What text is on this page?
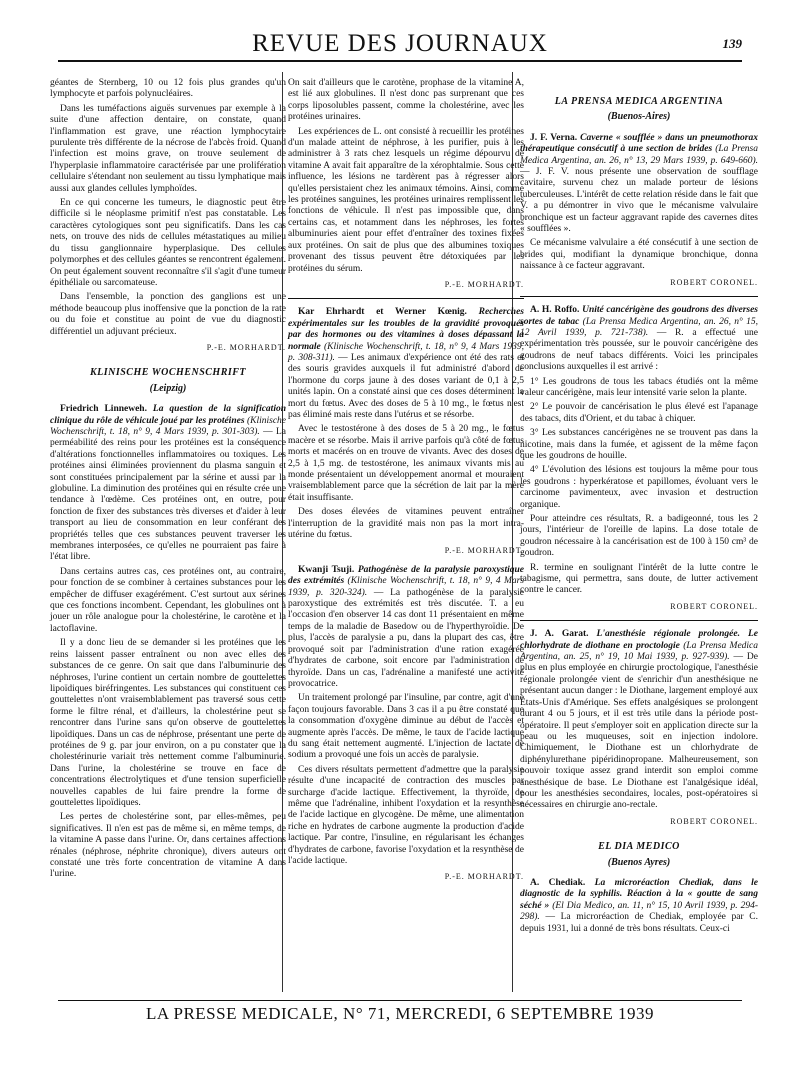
REVUE DES JOURNAUX	139

géantes de Sternberg, 10 ou 12 fois plus grandes qu'un lymphocyte et parfois polynucléaires.

Dans les tuméfactions aiguës survenues par exemple à la suite d'une affection dentaire, on constate, quand l'inflammation est grave, une réaction lymphocytaire purulente très différente de la nécrose de l'abcès froid. Quand l'infection est moins grave, on trouve seulement de l'hyperplasie inflammatoire caractérisée par une prolifération cellulaire s'étendant non seulement au tissu lymphatique mais aussi aux glandes cellules lymphoïdes.

En ce qui concerne les tumeurs, le diagnostic peut être difficile si le néoplasme primitif n'est pas constatable. Les caractères cytologiques sont peu significatifs. Dans les cas nets, on trouve des nids de cellules métastatiques au milieu du tissu ganglionnaire hyperplasique. Des cellules polymorphes et des cellules géantes se rencontrent également. On peut également souvent reconnaître s'il s'agit d'une tumeur épithéliale ou sarcomateuse.

Dans l'ensemble, la ponction des ganglions est une méthode beaucoup plus inoffensive que la ponction de la rate ou du foie et constitue au point de vue du diagnostic différentiel un adjuvant précieux.

P.-E. MORHARDT.
KLINISCHE WOCHENSCHRIFT
(Leipzig)

Friedrich Linneweh. La question de la signification clinique du rôle de véhicule joué par les protéines (Klinische Wochenschrift, t. 18, n° 9, 4 Mars 1939, p. 301-303). — La perméabilité des reins pour les protéines est la conséquence d'altérations fonctionnelles inflammatoires ou toxiques. Les protéines ainsi éliminées proviennent du plasma sanguin et sont constituées principalement par la sérine et aussi par la globuline. La diminution des protéines qui en résulte crée une tendance à l'œdème. Ces protéines ont, en outre, pour fonction de fixer des substances très diverses et d'aider à leur transport au lieu de consommation en leur conférant des propriétés telles que ces substances peuvent traverser les membranes interposées, ce qu'elles ne pourraient pas faire à l'état libre.

Dans certains autres cas, ces protéines ont, au contraire, pour fonction de se combiner à certaines substances pour les empêcher de diffuser exagérément. C'est surtout aux sérines que ces fonctions incombent. Cependant, les globulines ont à jouer un rôle analogue pour la cholestérine, le carotène et la lactoflavine.

Il y a donc lieu de se demander si les protéines que les reins laissent passer entraînent ou non avec elles des substances de ce genre. On sait que dans l'albuminurie des néphroses, l'urine contient un certain nombre de gouttelettes lipoïdiques biréfringentes. Les substances qui constituent ces gouttelettes n'ont vraisemblablement pas traversé sous cette forme le filtre rénal, et d'ailleurs, la cholestérine peut se rencontrer dans l'urine sans qu'on observe de gouttelettes lipoïdiques. Dans un cas de néphrose, présentant une perte de protéines de 9 g. par jour environ, on a pu constater que la cholestérinurie variait très nettement comme l'albuminurie. Dans l'urine, la cholestérine se trouve en face de concentrations électrolytiques et d'une tension superficielle nouvelles capables de lui faire prendre la forme de gouttelettes lipoïdiques.

Les pertes de cholestérine sont, par elles-mêmes, peu significatives. Il n'en est pas de même si, en même temps, de la vitamine A passe dans l'urine. Or, dans certaines affections rénales (néphrose, néphrite chronique), divers auteurs ont constaté une très forte concentration de vitamine A dans l'urine.

On sait d'ailleurs que le carotène, prophase de la vitamine A, est lié aux globulines. Il n'est donc pas surprenant que ces corps liposolubles passent, comme la cholestérine, avec les protéines urinaires.

Les expériences de L. ont consisté à recueillir les protéines d'un malade atteint de néphrose, à les purifier, puis à les administrer à 3 rats chez lesquels un régime dépourvu de vitamine A avait fait apparaître de la xérophtalmie. Sous cette influence, les lésions ne tardèrent pas à régresser alors qu'elles persistaient chez les animaux témoins. Ainsi, comme les protéines sanguines, les protéines urinaires remplissent les fonctions de véhicule. Il n'est pas impossible que, dans certains cas, et notamment dans les néphroses, les fortes albuminuries aient pour effet d'entraîner des toxines fixées aux protéines. On sait de plus que des albumines toxiques provenant des tissus peuvent être détoxiquées par les protéines du sérum.

P.-E. MORHARDT.

Kar Ehrhardt et Werner Kœnig. Recherches expérimentales sur les troubles de la gravidité provoqués par des hormones ou des vitamines à doses dépassant la normale (Klinische Wochenschrift, t. 18, n° 9, 4 Mars 1939, p. 308-311). — Les animaux d'expérience ont été des rats et des souris gravides auxquels il fut administré d'abord de l'hormone du corps jaune à des doses variant de 0,1 à 2,5 unités lapin. On a constaté ainsi que ces doses déterminent la mort du fœtus. Avec des doses de 5 à 10 mg., le fœtus n'est pas éliminé mais reste dans l'utérus et se résorbe.

Avec le testostérone à des doses de 5 à 20 mg., le fœtus macère et se résorbe. Mais il arrive parfois qu'à côté de fœtus morts et macérés on en trouve de vivants. Avec des doses de 2,5 à 1,5 mg. de testostérone, les animaux vivants mis au monde présentaient un développement anormal et mouraient vraisemblablement parce que la sécrétion de lait par la mère était insuffisante.

Des doses élevées de vitamines peuvent entraîner l'interruption de la gravidité mais non pas la mort intra-utérine du fœtus.

P.-E. MORHARDT.

Kwanji Tsuji. Pathogénèse de la paralysie paroxystique des extrémités (Klinische Wochenschrift, t. 18, n° 9, 4 Mars 1939, p. 320-324). — La pathogénèse de la paralysie paroxystique des extrémités est très discutée. T. a eu l'occasion d'en observer 14 cas dont 11 présentaient en même temps de la maladie de Basedow ou de l'hyperthyroïdie. De plus, l'accès de paralysie a pu, dans la plupart des cas, être provoqué soit par l'administration d'une ration exagérée d'hydrates de carbone, soit encore par l'administration de thyroïde. Dans un cas, l'adrénaline a manifesté une activité provocatrice.

Un traitement prolongé par l'insuline, par contre, agit d'une façon toujours favorable. Dans 3 cas il a pu être constaté que la consommation d'oxygène diminue au début de l'accès et augmente après l'accès. De même, le taux de l'acide lactique du sang était nettement augmenté. L'injection de lactate de sodium a provoqué une fois un accès de paralysie.

Ces divers résultats permettent d'admettre que la paralysie résulte d'une incapacité de contraction des muscles par surcharge d'acide lactique. Effectivement, la thyroïde, de même que l'adrénaline, inhibent l'oxydation et la resynthèse de l'acide lactique en glycogène. De même, une alimentation riche en hydrates de carbone augmente la production d'acide lactique. Par contre, l'insuline, en régularisant les échanges d'hydrates de carbone, favorise l'oxydation et la resynthèse de l'acide lactique.

P.-E. MORHARDT.
LA PRENSA MEDICA ARGENTINA
(Buenos-Aires)

J. F. Verna. Caverne « soufflée » dans un pneumothorax thérapeutique consécutif à une section de brides (La Prensa Medica Argentina, an. 26, n° 13, 29 Mars 1939, p. 649-660). — J. F. V. nous présente une observation de soufflage cavitaire, survenu chez un malade porteur de lésions tuberculeuses. L'intérêt de cette relation réside dans le fait que V. a pu démontrer in vivo que le mécanisme valvulaire bronchique est un facteur aggravant rapide des cavernes dites « soufflées ».

Ce mécanisme valvulaire a été consécutif à une section de brides qui, modifiant la dynamique bronchique, donna naissance à ce facteur aggravant.

ROBERT CORONEL.

A. H. Roffo. Unité cancérigène des goudrons des diverses sortes de tabac (La Prensa Medica Argentina, an. 26, n° 15, 12 Avril 1939, p. 721-738). — R. a effectué une expérimentation très poussée, sur le pouvoir cancérigène des goudrons de neuf tabacs différents. Voici les principales conclusions auxquelles il est arrivé :

1° Les goudrons de tous les tabacs étudiés ont la même valeur cancérigène, mais leur intensité varie selon la plante.

2° Le pouvoir de cancérisation le plus élevé est l'apanage des tabacs, dits d'Orient, et du tabac à chiquer.

3° Les substances cancérigènes ne se trouvent pas dans la nicotine, mais dans la fumée, et agissent de la même façon que les goudrons de houille.

4° L'évolution des lésions est toujours la même pour tous les goudrons : hyperkératose et papillomes, évoluant vers le carcinome pavimenteux, avec invasion et destruction organique.

Pour atteindre ces résultats, R. a badigeonné, tous les 2 jours, l'intérieur de l'oreille de lapins. La dose totale de goudron nécessaire à la cancérisation est de 100 à 150 cm³ de goudron.

R. termine en soulignant l'intérêt de la lutte contre le tabagisme, qui permettra, sans doute, de lutter activement contre le cancer.

ROBERT CORONEL.

J. A. Garat. L'anesthésie régionale prolongée. Le chlorhydrate de diothane en proctologie (La Prensa Medica Argentina, an. 25, n° 19, 10 Mai 1939, p. 927-939). — De plus en plus employée en chirurgie proctologique, l'anesthésie régionale prolongée vient de s'enrichir d'un anesthésique ne présentant aucun danger : le Diothane, largement employé aux États-Unis d'Amérique. Ses effets analgésiques se prolongent durant 4 ou 5 jours, et il est très utile dans la période post-opératoire. Il peut s'employer soit en application directe sur la peau ou les muqueuses, soit en injection indolore. Chimiquement, le Diothane est un chlorhydrate de diphénylurethane pipéridinopropane. Malheureusement, son pouvoir toxique assez grand interdit son emploi comme anesthésique de base. Le Diothane est l'analgésique idéal, pour les anesthésies secondaires, locales, post-opératoires si nécessaires en chirurgie ano-rectale.

ROBERT CORONEL.
EL DIA MEDICO
(Buenos Ayres)

A. Chediak. La microréaction Chediak, dans le diagnostic de la syphilis. Réaction à la « goutte de sang séché » (El Dia Medico, an. 11, n° 15, 10 Avril 1939, p. 294-298). — La microréaction de Chediak, employée par C. depuis 1931, lui a donné de très bons résultats. Ceux-ci

LA PRESSE MEDICALE, N° 71, MERCREDI, 6 SEPTEMBRE 1939
